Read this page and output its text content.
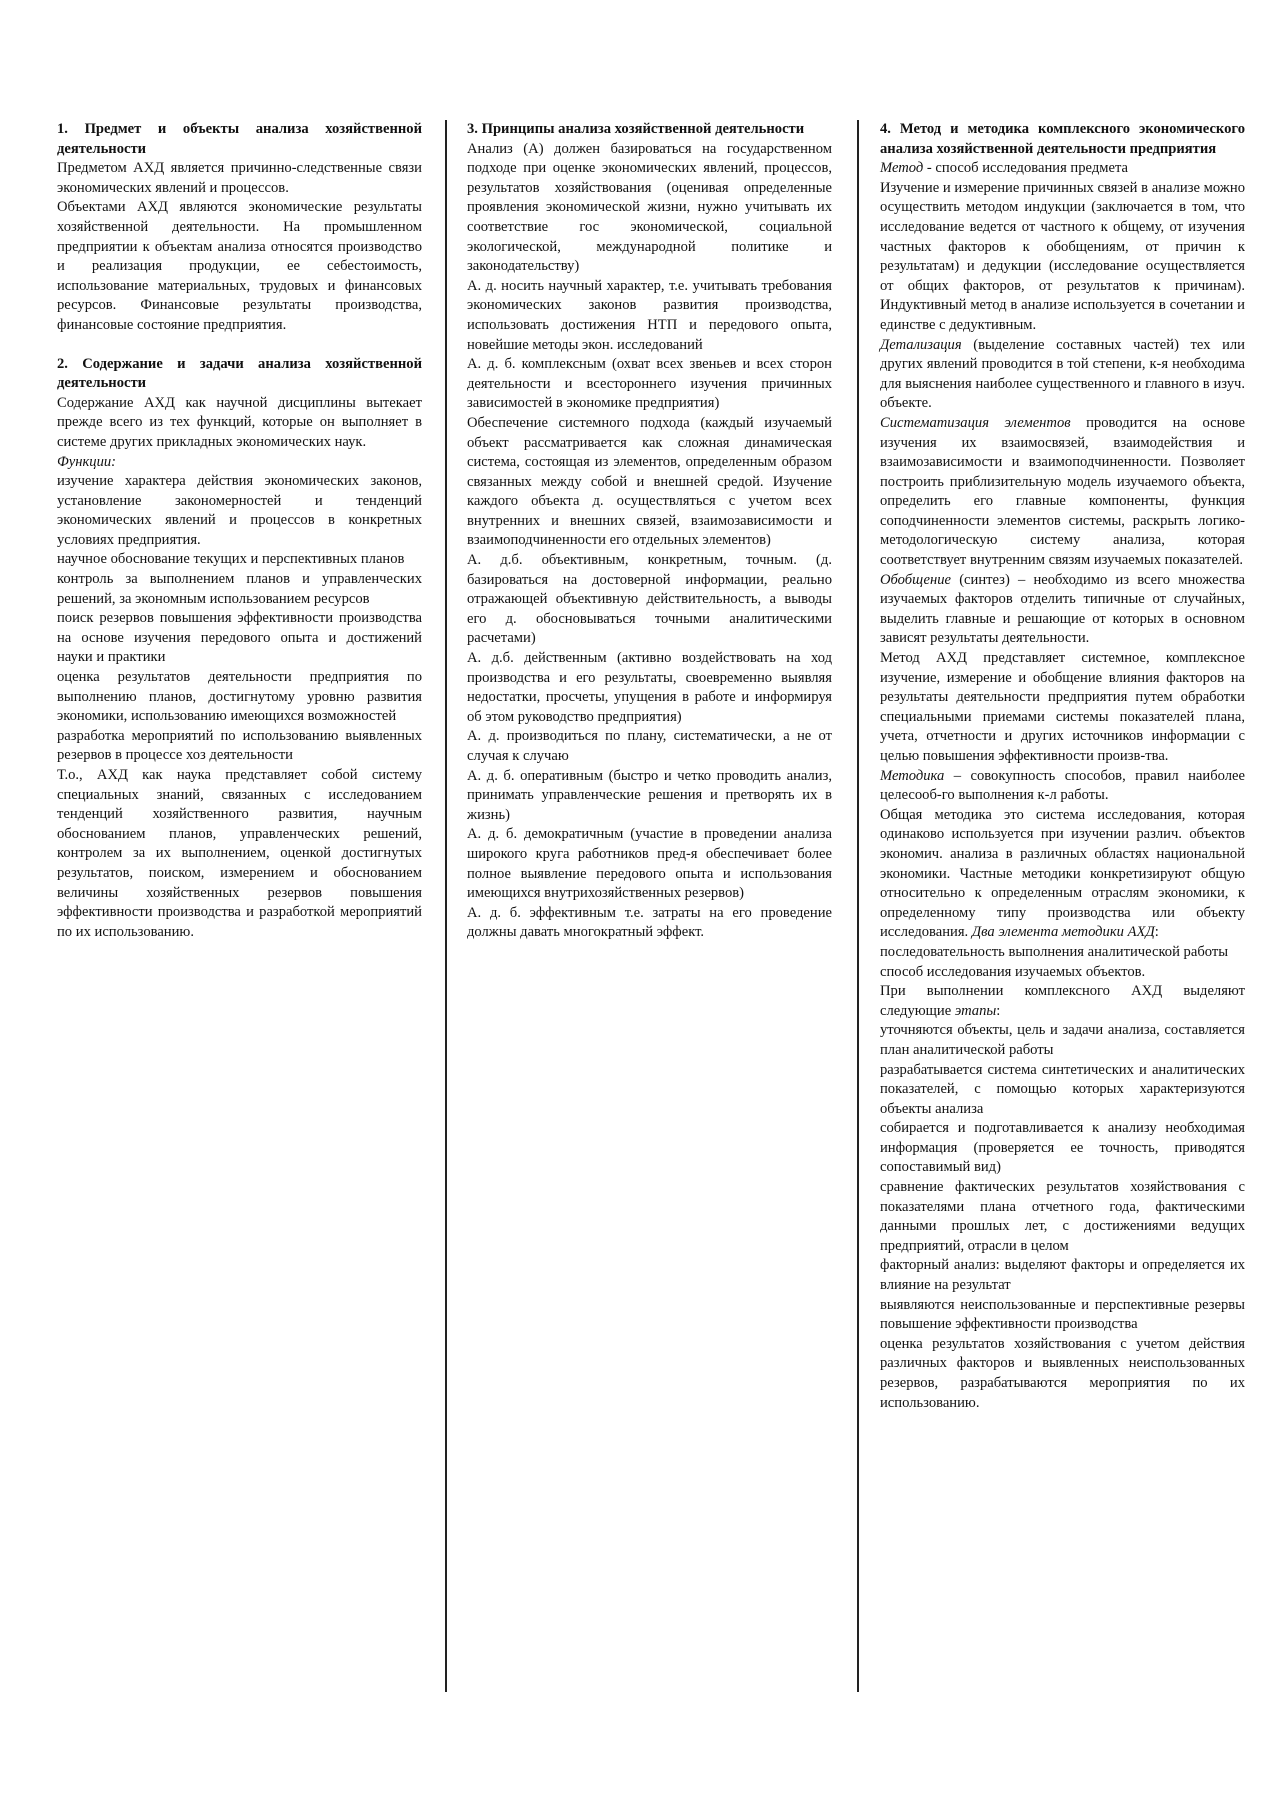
1. Предмет и объекты анализа хозяйственной деятельности

Предметом АХД является причинно-следственные связи экономических явлений и процессов.

Объектами АХД являются экономические результаты хозяйственной деятельности. На промышленном предприятии к объектам анализа относятся производство и реализация продукции, ее себестоимость, использование материальных, трудовых и финансовых ресурсов. Финансовые результаты производства, финансовые состояние предприятия.

2. Содержание и задачи анализа хозяйственной деятельности

Содержание АХД как научной дисциплины вытекает прежде всего из тех функций, которые он выполняет в системе других прикладных экономических наук.

Функции:

изучение характера действия экономических законов, установление закономерностей и тенденций экономических явлений и процессов в конкретных условиях предприятия.

научное обоснование текущих и перспективных планов

контроль за выполнением планов и управленческих решений, за экономным использованием ресурсов

поиск резервов повышения эффективности производства на основе изучения передового опыта и достижений науки и практики

оценка результатов деятельности предприятия по выполнению планов, достигнутому уровню развития экономики, использованию имеющихся возможностей

разработка мероприятий по использованию выявленных резервов в процессе хоз деятельности

Т.о., АХД как наука представляет собой систему специальных знаний, связанных с исследованием тенденций хозяйственного развития, научным обоснованием планов, управленческих решений, контролем за их выполнением, оценкой достигнутых результатов, поиском, измерением и обоснованием величины хозяйственных резервов повышения эффективности производства и разработкой мероприятий по их использованию.

3. Принципы анализа хозяйственной деятельности

Анализ (А) должен базироваться на государственном подходе при оценке экономических явлений, процессов, результатов хозяйствования (оценивая определенные проявления экономической жизни, нужно учитывать их соответствие гос экономической, социальной экологической, международной политике и законодательству)

А. д. носить научный характер, т.е. учитывать требования экономических законов развития производства, использовать достижения НТП и передового опыта, новейшие методы экон. исследований

А. д. б. комплексным (охват всех звеньев и всех сторон деятельности и всестороннего изучения причинных зависимостей в экономике предприятия)

Обеспечение системного подхода (каждый изучаемый объект рассматривается как сложная динамическая система, состоящая из элементов, определенным образом связанных между собой и внешней средой. Изучение каждого объекта д. осуществляться с учетом всех внутренних и внешних связей, взаимозависимости и взаимоподчиненности его отдельных элементов)

А. д.б. объективным, конкретным, точным. (д. базироваться на достоверной информации, реально отражающей объективную действительность, а выводы его д. обосновываться точными аналитическими расчетами)

А. д.б. действенным (активно воздействовать на ход производства и его результаты, своевременно выявляя недостатки, просчеты, упущения в работе и информируя об этом руководство предприятия)

А. д. производиться по плану, систематически, а не от случая к случаю

А. д. б. оперативным (быстро и четко проводить анализ, принимать управленческие решения и претворять их в жизнь)

А. д. б. демократичным (участие в проведении анализа широкого круга работников пред-я обеспечивает более полное выявление передового опыта и использования имеющихся внутрихозяйственных резервов)

А. д. б. эффективным т.е. затраты на его проведение должны давать многократный эффект.

4. Метод и методика комплексного экономического анализа хозяйственной деятельности предприятия

Метод - способ исследования предмета

Изучение и измерение причинных связей в анализе можно осуществить методом индукции (заключается в том, что исследование ведется от частного к общему, от изучения частных факторов к обобщениям, от причин к результатам) и дедукции (исследование осуществляется от общих факторов, от результатов к причинам). Индуктивный метод в анализе используется в сочетании и единстве с дедуктивным.

Детализация (выделение составных частей) тех или других явлений проводится в той степени, к-я необходима для выяснения наиболее существенного и главного в изуч. объекте.

Систематизация элементов проводится на основе изучения их взаимосвязей, взаимодействия и взаимозависимости и взаимоподчиненности. Позволяет построить приблизительную модель изучаемого объекта, определить его главные компоненты, функция соподчиненности элементов системы, раскрыть логико-методологическую систему анализа, которая соответствует внутренним связям изучаемых показателей.

Обобщение (синтез) – необходимо из всего множества изучаемых факторов отделить типичные от случайных, выделить главные и решающие от которых в основном зависят результаты деятельности.

Метод АХД представляет системное, комплексное изучение, измерение и обобщение влияния факторов на результаты деятельности предприятия путем обработки специальными приемами системы показателей плана, учета, отчетности и других источников информации с целью повышения эффективности произв-тва.

Методика – совокупность способов, правил наиболее целесооб-го выполнения к-л работы.

Общая методика это система исследования, которая одинаково используется при изучении различ. объектов экономич. анализа в различных областях национальной экономики. Частные методики конкретизируют общую относительно к определенным отраслям экономики, к определенному типу производства или объекту исследования. Два элемента методики АХД:

последовательность выполнения аналитической работы

способ исследования изучаемых объектов.

При выполнении комплексного АХД выделяют следующие этапы:

уточняются объекты, цель и задачи анализа, составляется план аналитической работы

разрабатывается система синтетических и аналитических показателей, с помощью которых характеризуются объекты анализа

собирается и подготавливается к анализу необходимая информация (проверяется ее точность, приводятся сопоставимый вид)

сравнение фактических результатов хозяйствования с показателями плана отчетного года, фактическими данными прошлых лет, с достижениями ведущих предприятий, отрасли в целом

факторный анализ: выделяют факторы и определяется их влияние на результат

выявляются неиспользованные и перспективные резервы повышение эффективности производства

оценка результатов хозяйствования с учетом действия различных факторов и выявленных неиспользованных резервов, разрабатываются мероприятия по их использованию.
